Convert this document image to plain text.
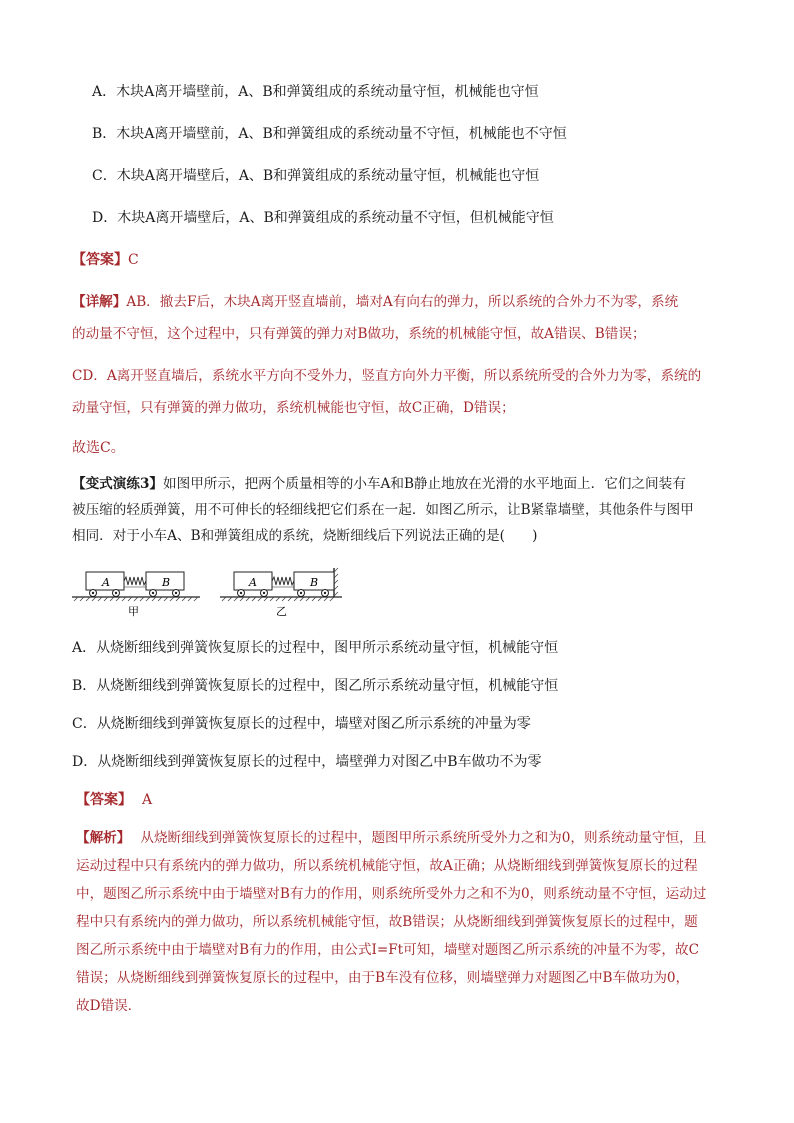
A．木块A离开墙壁前，A、B和弹簧组成的系统动量守恒，机械能也守恒
B．木块A离开墙壁前，A、B和弹簧组成的系统动量不守恒，机械能也不守恒
C．木块A离开墙壁后，A、B和弹簧组成的系统动量守恒，机械能也守恒
D．木块A离开墙壁后，A、B和弹簧组成的系统动量不守恒，但机械能守恒
【答案】C
【详解】AB．撤去F后，木块A离开竖直墙前，墙对A有向右的弹力，所以系统的合外力不为零，系统
的动量不守恒，这个过程中，只有弹簧的弹力对B做功，系统的机械能守恒，故A错误、B错误；
CD．A离开竖直墙后，系统水平方向不受外力，竖直方向外力平衡，所以系统所受的合外力为零，系统的
动量守恒，只有弹簧的弹力做功，系统机械能也守恒，故C正确，D错误；
故选C。
【变式演练3】如图甲所示，把两个质量相等的小车A和B静止地放在光滑的水平地面上．它们之间装有
被压缩的轻质弹簧，用不可伸长的轻细线把它们系在一起．如图乙所示，让B紧靠墙壁，其他条件与图甲
相同．对于小车A、B和弹簧组成的系统，烧断细线后下列说法正确的是(　　)
A	B
甲
A	B
乙
A．从烧断细线到弹簧恢复原长的过程中，图甲所示系统动量守恒，机械能守恒
B．从烧断细线到弹簧恢复原长的过程中，图乙所示系统动量守恒，机械能守恒
C．从烧断细线到弹簧恢复原长的过程中，墙壁对图乙所示系统的冲量为零
D．从烧断细线到弹簧恢复原长的过程中，墙壁弹力对图乙中B车做功不为零
【答案】 A
【解析】 从烧断细线到弹簧恢复原长的过程中，题图甲所示系统所受外力之和为0，则系统动量守恒，且
运动过程中只有系统内的弹力做功，所以系统机械能守恒，故A正确；从烧断细线到弹簧恢复原长的过程
中，题图乙所示系统中由于墙壁对B有力的作用，则系统所受外力之和不为0，则系统动量不守恒，运动过
程中只有系统内的弹力做功，所以系统机械能守恒，故B错误；从烧断细线到弹簧恢复原长的过程中，题
图乙所示系统中由于墙壁对B有力的作用，由公式I=Ft可知，墙壁对题图乙所示系统的冲量不为零，故C
错误；从烧断细线到弹簧恢复原长的过程中，由于B车没有位移，则墙壁弹力对题图乙中B车做功为0，
故D错误．
